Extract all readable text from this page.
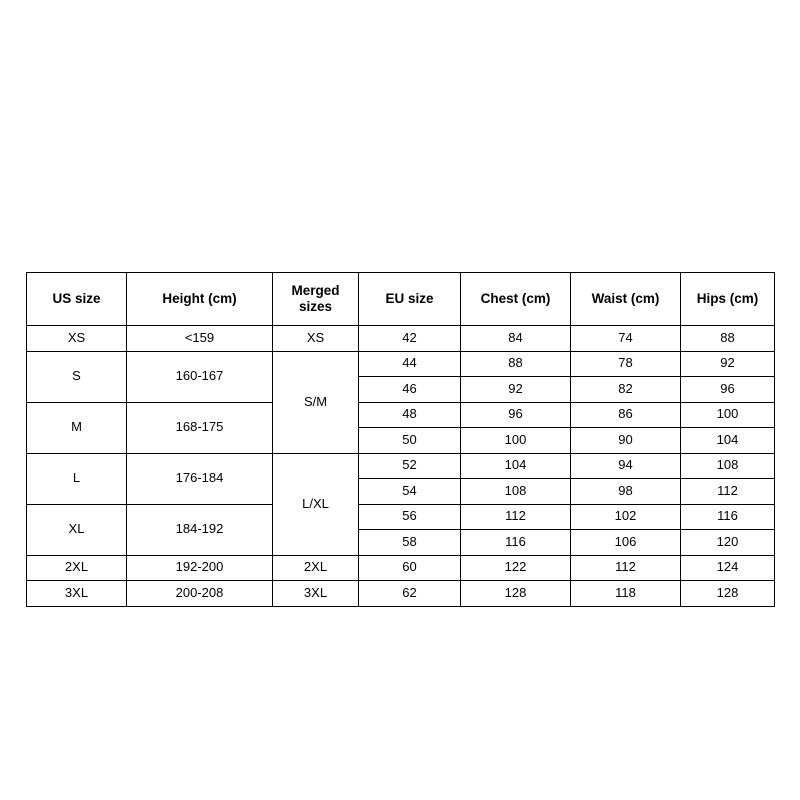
US size	Height (cm)	Merged sizes	EU size	Chest (cm)	Waist (cm)	Hips (cm)
XS	<159	XS	42	84	74	88
S	160-167	S/M	44	88	78	92
			46	92	82	96
M	168-175		48	96	86	100
			50	100	90	104
L	176-184	L/XL	52	104	94	108
			54	108	98	112
XL	184-192		56	112	102	116
			58	116	106	120
2XL	192-200	2XL	60	122	112	124
3XL	200-208	3XL	62	128	118	128
